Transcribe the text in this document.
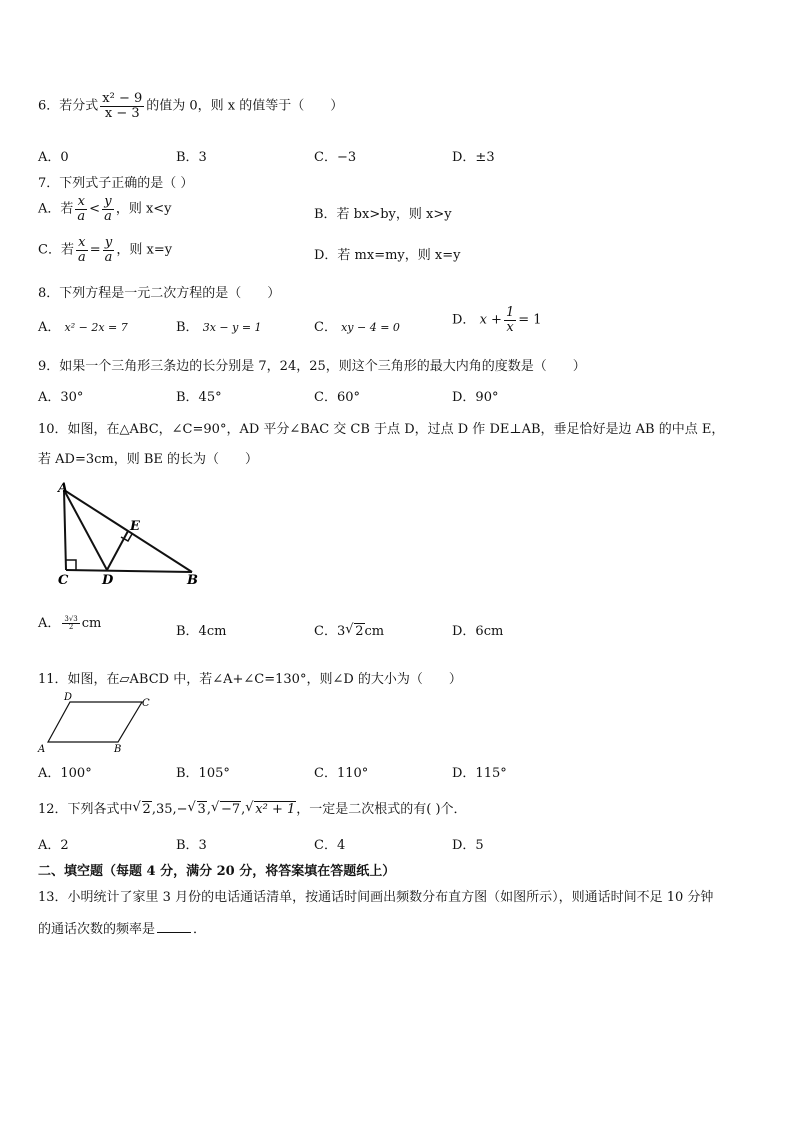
6．若分式 $\frac{\text{x² − 9}}{x - 3}$ 的值为 0，则 x 的值等于（　　）
A．0	B．3	C．−3	D．±3
7．下列式子正确的是（ ）
A．若 $\frac{x}{a} < \frac{y}{a}$ ，则 x<y	B．若 bx>by，则 x>y
C．若 $\frac{x}{a} = \frac{y}{a}$ ，则 x=y	D．若 mx=my，则 x=y
8．下列方程是一元二次方程的是（　　）
A． x² − 2x = 7	B． 3x − y = 1	C． xy − 4 = 0	D． $x + \frac{1}{x} = 1$
9．如果一个三角形三条边的长分别是 7，24，25，则这个三角形的最大内角的度数是（　　）
A．30°	B．45°	C．60°	D．90°
10．如图，在△ABC，∠C=90°，AD 平分∠BAC 交 CB 于点 D，过点 D 作 DE⊥AB，垂足恰好是边 AB 的中点 E，
若 AD=3cm，则 BE 的长为（　　）
A
C	D	B
E
A． $\frac{3√3}{2}$ cm
B．4cm	C．3 √ 2cm	D．6cm
11．如图，在▱ABCD 中，若∠A+∠C=130°，则∠D 的大小为（　　）
A	B
C
D
A．100°	B．105°	C．110°	D．115°
12．下列各式中 √ 2,35,− √ 3, √ −7, √ x² + 1，一定是二次根式的有( )个．
A．2	B．3	C．4	D．5
二、填空题（每题 4 分，满分 20 分，将答案填在答题纸上）
13．小明统计了家里 3 月份的电话通话清单，按通话时间画出频数分布直方图（如图所示），则通话时间不足 10 分钟
的通话次数的频率是	．
